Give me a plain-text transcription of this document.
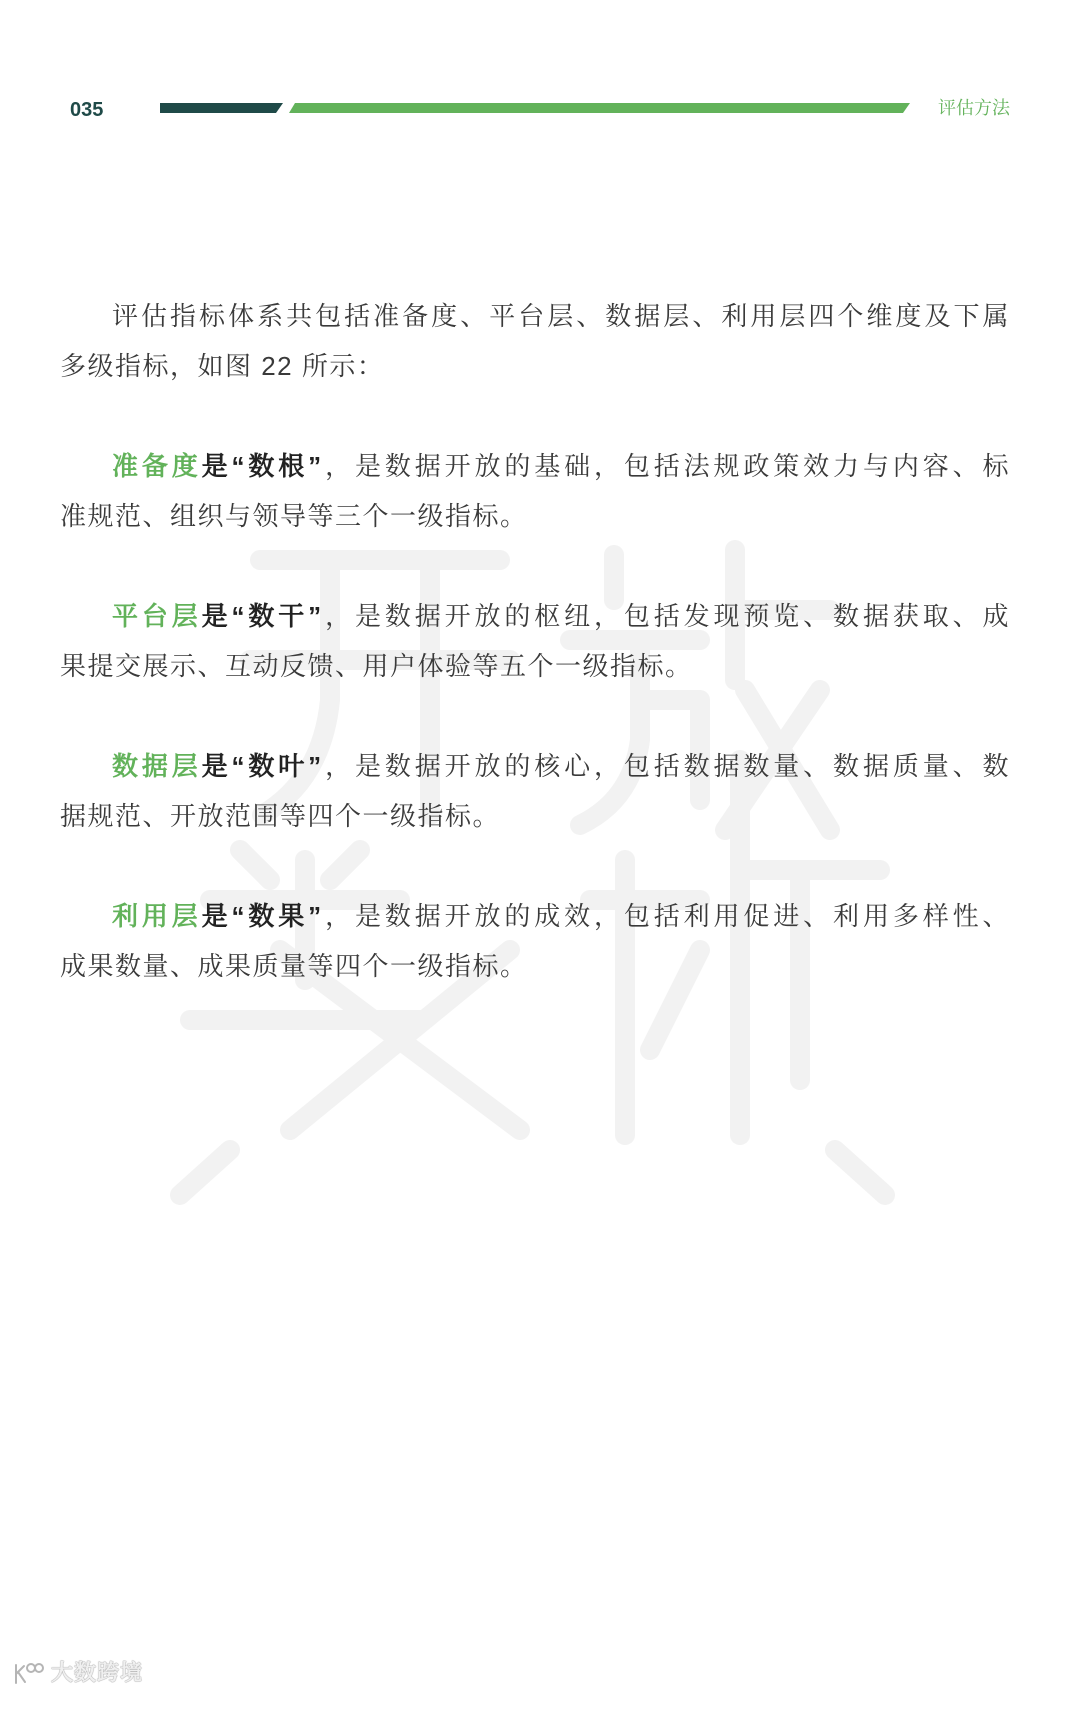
035	评估方法

评估指标体系共包括准备度、平台层、数据层、利用层四个维度及下属
多级指标，如图 22 所示：

准备度是“数根”，是数据开放的基础，包括法规政策效力与内容、标
准规范、组织与领导等三个一级指标。

平台层是“数干”，是数据开放的枢纽，包括发现预览、数据获取、成
果提交展示、互动反馈、用户体验等五个一级指标。

数据层是“数叶”，是数据开放的核心，包括数据数量、数据质量、数
据规范、开放范围等四个一级指标。

利用层是“数果”，是数据开放的成效，包括利用促进、利用多样性、
成果数量、成果质量等四个一级指标。

大数跨境
